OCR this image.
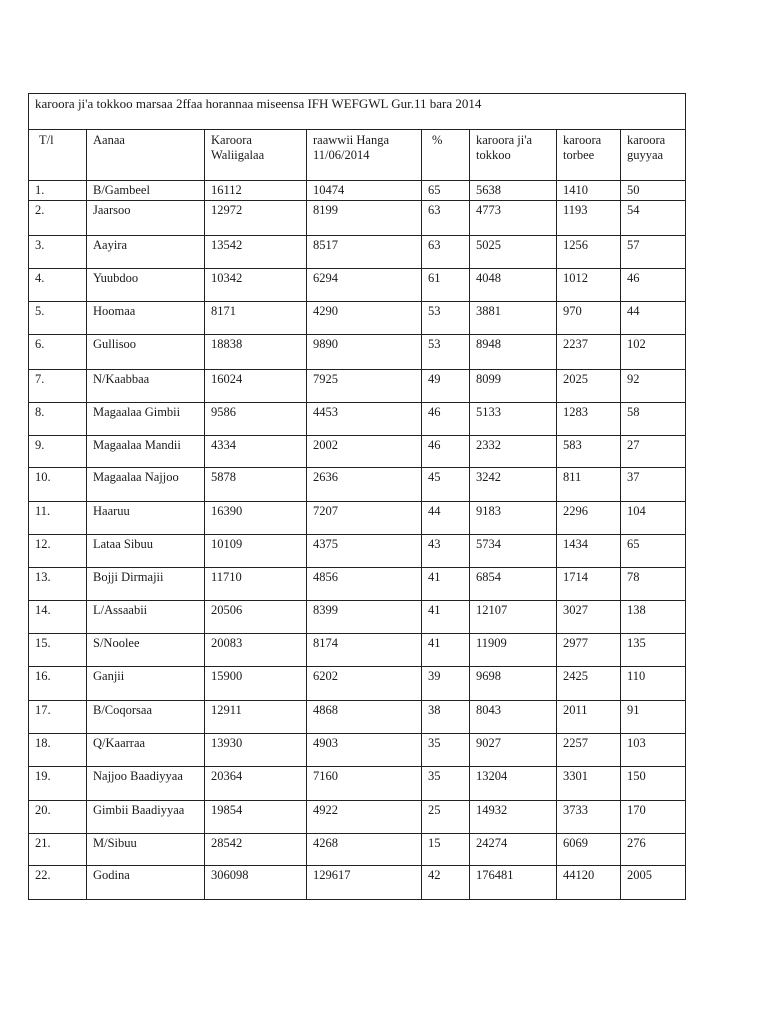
karoora ji'a tokkoo marsaa 2ffaa horannaa miseensa IFH WEFGWL Gur.11 bara 2014							
T/l	Aanaa	Karoora Waliigalaa	raawwii Hanga 11/06/2014	%	karoora ji'a tokkoo	karoora torbee	karoora guyyaa
1.	B/Gambeel	16112	10474	65	5638	1410	50
2.	Jaarsoo	12972	8199	63	4773	1193	54
3.	Aayira	13542	8517	63	5025	1256	57
4.	Yuubdoo	10342	6294	61	4048	1012	46
5.	Hoomaa	8171	4290	53	3881	970	44
6.	Gullisoo	18838	9890	53	8948	2237	102
7.	N/Kaabbaa	16024	7925	49	8099	2025	92
8.	Magaalaa Gimbii	9586	4453	46	5133	1283	58
9.	Magaalaa Mandii	4334	2002	46	2332	583	27
10.	Magaalaa Najjoo	5878	2636	45	3242	811	37
11.	Haaruu	16390	7207	44	9183	2296	104
12.	Lataa Sibuu	10109	4375	43	5734	1434	65
13.	Bojji Dirmajii	11710	4856	41	6854	1714	78
14.	L/Assaabii	20506	8399	41	12107	3027	138
15.	S/Noolee	20083	8174	41	11909	2977	135
16.	Ganjii	15900	6202	39	9698	2425	110
17.	B/Coqorsaa	12911	4868	38	8043	2011	91
18.	Q/Kaarraa	13930	4903	35	9027	2257	103
19.	Najjoo Baadiyyaa	20364	7160	35	13204	3301	150
20.	Gimbii Baadiyyaa	19854	4922	25	14932	3733	170
21.	M/Sibuu	28542	4268	15	24274	6069	276
22.	Godina	306098	129617	42	176481	44120	2005
